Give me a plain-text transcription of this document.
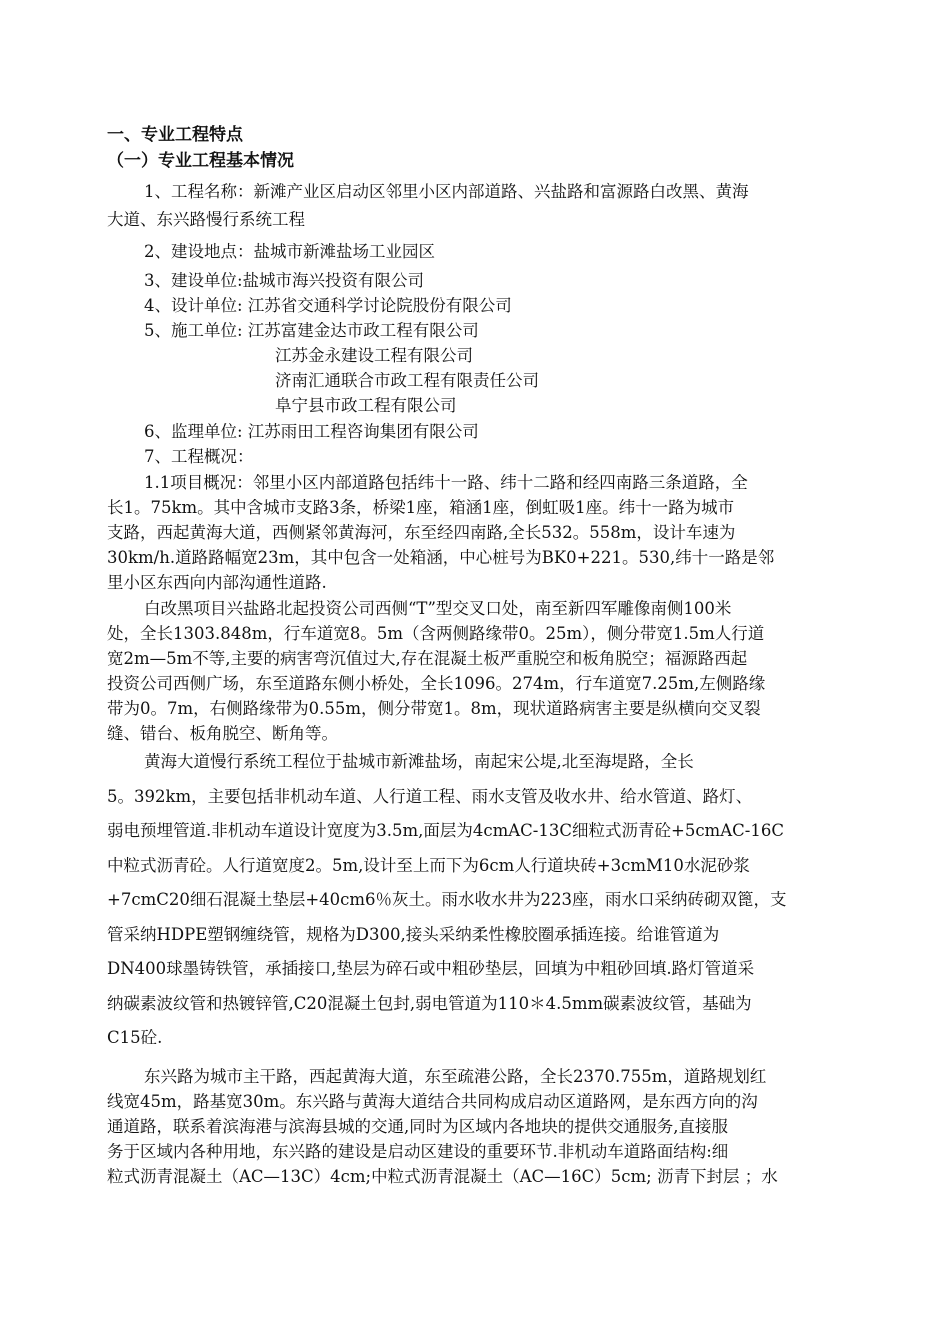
一、专业工程特点
（一）专业工程基本情况
1、工程名称：新滩产业区启动区邻里小区内部道路、兴盐路和富源路白改黑、黄海
大道、东兴路慢行系统工程
2、建设地点：盐城市新滩盐场工业园区
3、建设单位:盐城市海兴投资有限公司
4、设计单位: 江苏省交通科学讨论院股份有限公司
5、施工单位: 江苏富建金达市政工程有限公司
江苏金永建设工程有限公司
济南汇通联合市政工程有限责任公司
阜宁县市政工程有限公司
6、监理单位: 江苏雨田工程咨询集团有限公司
7、工程概况：
1.1项目概况：邻里小区内部道路包括纬十一路、纬十二路和经四南路三条道路，全
长1。75km。其中含城市支路3条，桥梁1座，箱涵1座，倒虹吸1座。纬十一路为城市
支路，西起黄海大道，西侧紧邻黄海河，东至经四南路,全长532。558m，设计车速为
30km/h.道路路幅宽23m，其中包含一处箱涵，中心桩号为BK0+221。530,纬十一路是邻
里小区东西向内部沟通性道路.
白改黑项目兴盐路北起投资公司西侧“T”型交叉口处，南至新四军雕像南侧100米
处，全长1303.848m，行车道宽8。5m（含两侧路缘带0。25m），侧分带宽1.5m人行道
宽2m—5m不等,主要的病害弯沉值过大,存在混凝土板严重脱空和板角脱空；福源路西起
投资公司西侧广场，东至道路东侧小桥处，全长1096。274m，行车道宽7.25m,左侧路缘
带为0。7m，右侧路缘带为0.55m，侧分带宽1。8m，现状道路病害主要是纵横向交叉裂
缝、错台、板角脱空、断角等。
黄海大道慢行系统工程位于盐城市新滩盐场，南起宋公堤,北至海堤路，全长
5。392km，主要包括非机动车道、人行道工程、雨水支管及收水井、给水管道、路灯、
弱电预埋管道.非机动车道设计宽度为3.5m,面层为4cmAC-13C细粒式沥青砼+5cmAC-16C
中粒式沥青砼。人行道宽度2。5m,设计至上而下为6cm人行道块砖+3cmM10水泥砂浆
+7cmC20细石混凝土垫层+40cm6％灰土。雨水收水井为223座，雨水口采纳砖砌双篦，支
管采纳HDPE塑钢缠绕管，规格为D300,接头采纳柔性橡胶圈承插连接。给谁管道为
DN400球墨铸铁管，承插接口,垫层为碎石或中粗砂垫层，回填为中粗砂回填.路灯管道采
纳碳素波纹管和热镀锌管,C20混凝土包封,弱电管道为110＊4.5mm碳素波纹管，基础为
C15砼.
东兴路为城市主干路，西起黄海大道，东至疏港公路，全长2370.755m，道路规划红
线宽45m，路基宽30m。东兴路与黄海大道结合共同构成启动区道路网，是东西方向的沟
通道路，联系着滨海港与滨海县城的交通,同时为区域内各地块的提供交通服务,直接服
务于区域内各种用地，东兴路的建设是启动区建设的重要环节.非机动车道路面结构:细
粒式沥青混凝土（AC—13C）4cm;中粒式沥青混凝土（AC—16C）5cm; 沥青下封层 ；水
